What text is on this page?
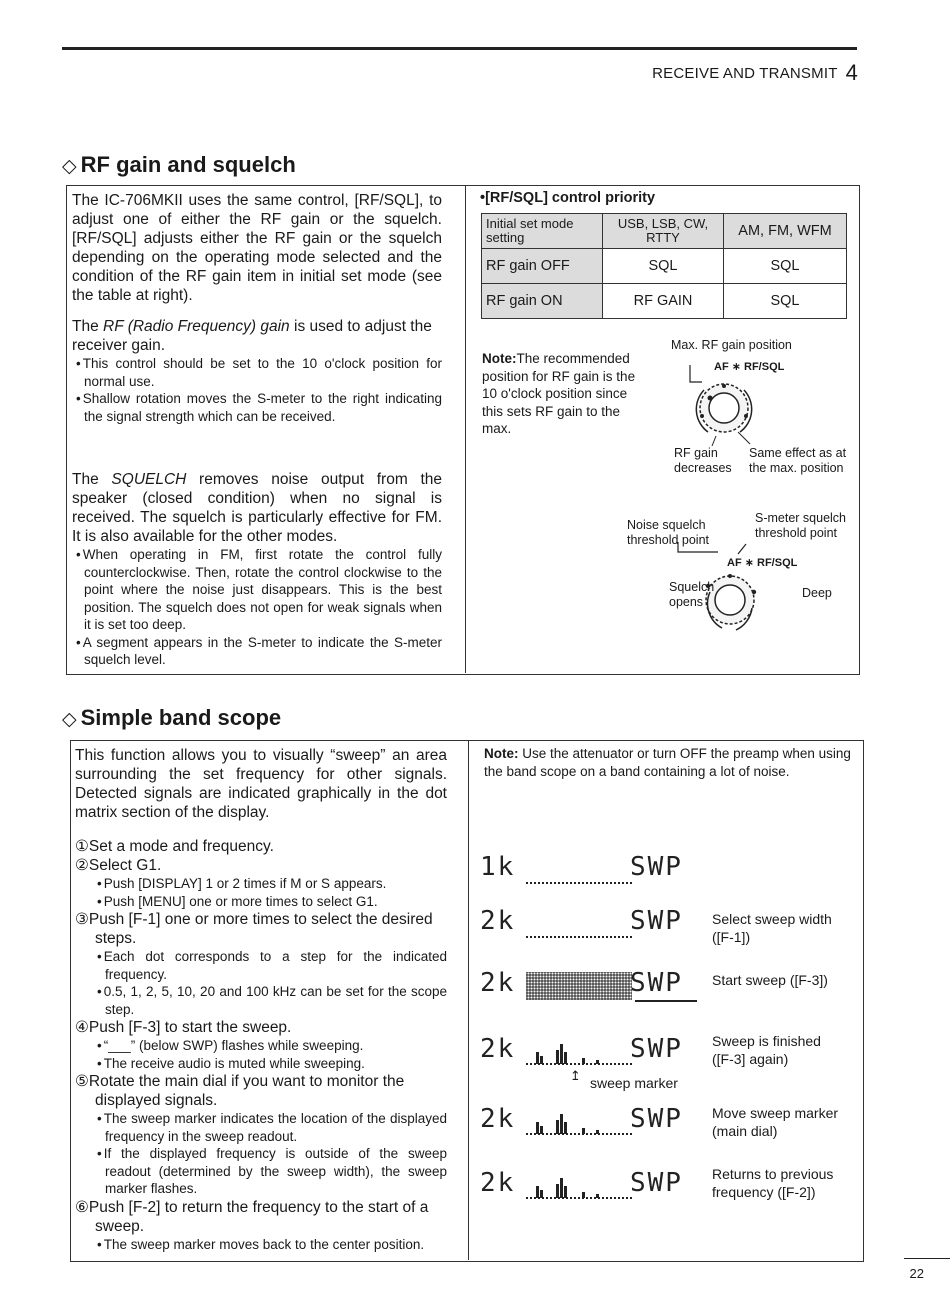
RECEIVE AND TRANSMIT 4
◇ RF gain and squelch

The IC-706MKII uses the same control, [RF/SQL], to adjust one of either the RF gain or the squelch. [RF/SQL] adjusts either the RF gain or the squelch depending on the operating mode selected and the condition of the RF gain item in initial set mode (see the table at right).

The RF (Radio Frequency) gain is used to adjust the receiver gain.

• This control should be set to the 10 o'clock position for normal use.

• Shallow rotation moves the S-meter to the right indicating the signal strength which can be received.

The SQUELCH removes noise output from the speaker (closed condition) when no signal is received. The squelch is particularly effective for FM. It is also available for the other modes.

• When operating in FM, first rotate the control fully counterclockwise. Then, rotate the control clockwise to the point where the noise just disappears. This is the best position. The squelch does not open for weak signals when it is set too deep.

• A segment appears in the S-meter to indicate the S-meter squelch level.

•[RF/SQL] control priority
Initial set mode setting	USB, LSB, CW, RTTY	AM, FM, WFM
RF gain OFF	SQL	SQL
RF gain ON	RF GAIN	SQL
Note:The recommended position for RF gain is the 10 o'clock position since this sets RF gain to the max.
Max. RF gain position
AF ∗ RF/SQL
RF gain decreases
Same effect as at the max. position
Noise squelch threshold point
S-meter squelch threshold point
AF ∗ RF/SQL
Squelch opens
Deep
◇ Simple band scope

This function allows you to visually “sweep” an area surrounding the set frequency for other signals. Detected signals are indicated graphically in the dot matrix section of the display.

①Set a mode and frequency.

②Select G1.

• Push [DISPLAY] 1 or 2 times if M or S appears.

• Push [MENU] one or more times to select G1.

③Push [F-1] one or more times to select the desired steps.

• Each dot corresponds to a step for the indicated frequency.

• 0.5, 1, 2, 5, 10, 20 and 100 kHz can be set for the scope step.

④Push [F-3] to start the sweep.

• “___” (below SWP) flashes while sweeping.

• The receive audio is muted while sweeping.

⑤Rotate the main dial if you want to monitor the displayed signals.

• The sweep marker indicates the location of the displayed frequency in the sweep readout.

• If the displayed frequency is outside of the sweep readout (determined by the sweep width), the sweep marker flashes.

⑥Push [F-2] to return the frequency to the start of a sweep.

• The sweep marker moves back to the center position.

Note: Use the attenuator or turn OFF the preamp when using the band scope on a band containing a lot of noise.
1k	SWP
2k	SWP Select sweep width ([F-1])
2k	SWP Start sweep ([F-3])
2k	SWP
↥ sweep marker
Sweep is finished ([F-3] again)
2k	SWP Move sweep marker (main dial)
2k	SWP Returns to previous frequency ([F-2])
22
